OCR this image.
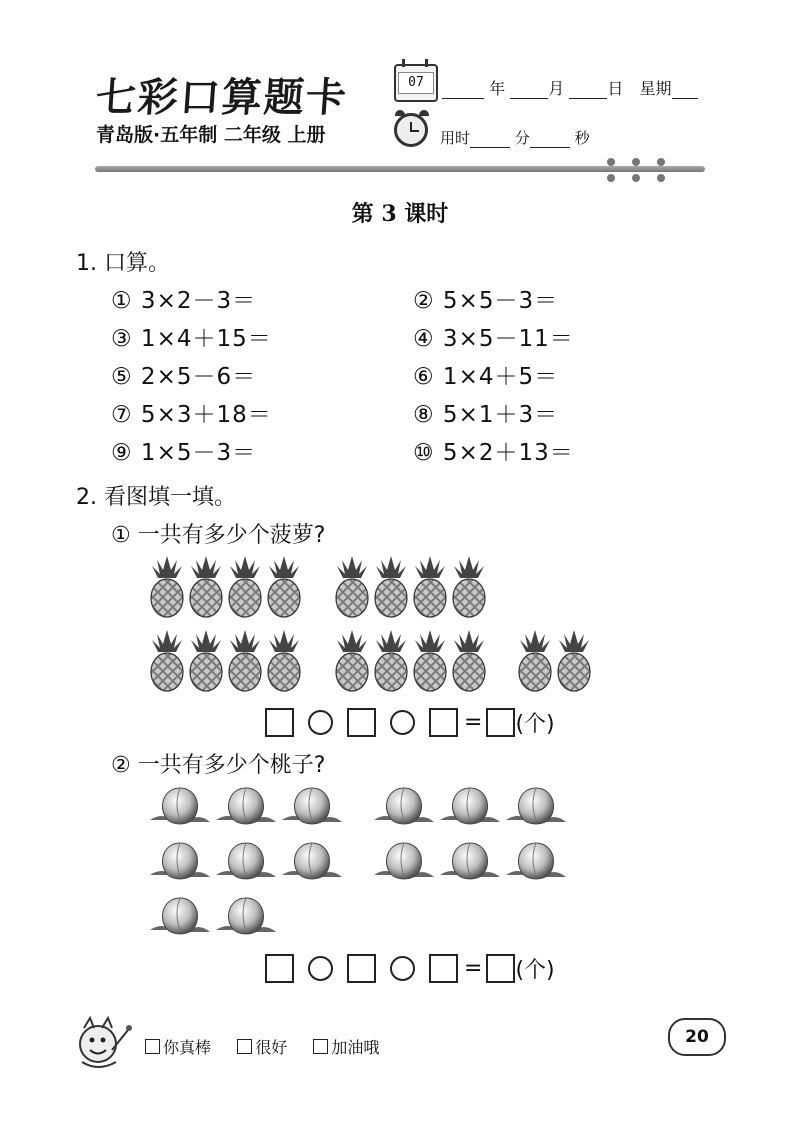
七彩口算题卡
青岛版·五年制 二年级 上册
07	年	月	日 星期
用时	分	秒
第 3 课时
1. 口算。
① 3×2－3＝	② 5×5－3＝
③ 1×4＋15＝	④ 3×5－11＝
⑤ 2×5－6＝	⑥ 1×4＋5＝
⑦ 5×3＋18＝	⑧ 5×1＋3＝
⑨ 1×5－3＝	⑩ 5×2＋13＝
2. 看图填一填。
① 一共有多少个菠萝?
= (个)
② 一共有多少个桃子?
= (个)
你真棒	很好	加油哦
20
